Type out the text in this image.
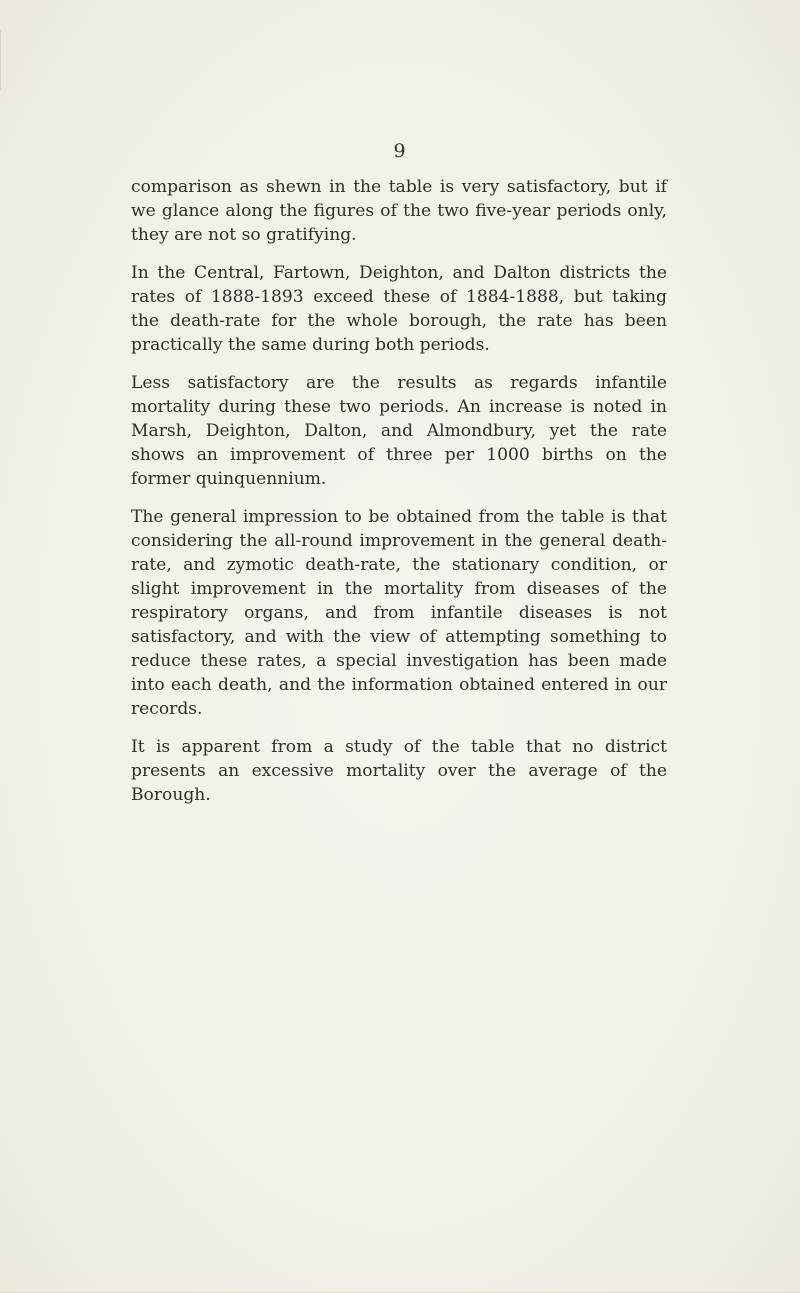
9

comparison as shewn in the table is very satisfactory, but if we glance along the figures of the two five-year periods only, they are not so gratifying.

In the Central, Fartown, Deighton, and Dalton districts the rates of 1888-1893 exceed these of 1884-1888, but taking the death-rate for the whole borough, the rate has been practically the same during both periods.

Less satisfactory are the results as regards infantile mortality during these two periods. An increase is noted in Marsh, Deighton, Dalton, and Almondbury, yet the rate shows an improvement of three per 1000 births on the former quinquennium.

The general impression to be obtained from the table is that considering the all-round improvement in the general death-rate, and zymotic death-rate, the stationary condition, or slight improvement in the mortality from diseases of the respiratory organs, and from infantile diseases is not satisfactory, and with the view of attempting something to reduce these rates, a special investigation has been made into each death, and the information obtained entered in our records.

It is apparent from a study of the table that no district presents an excessive mortality over the average of the Borough.
